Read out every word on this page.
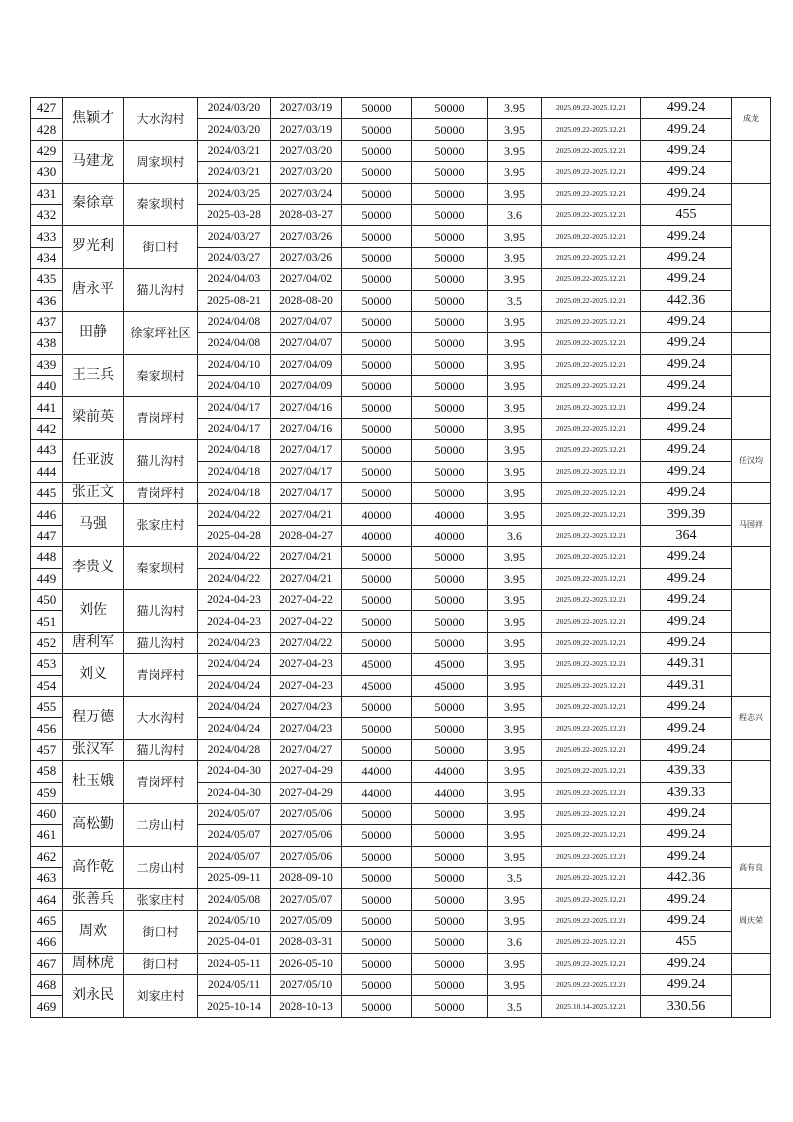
427	焦颖才	大水沟村	2024/03/20	2027/03/19	50000	50000	3.95	2025.09.22-2025.12.21	499.24	成龙
428			2024/03/20	2027/03/19	50000	50000	3.95	2025.09.22-2025.12.21	499.24	
429	马建龙	周家坝村	2024/03/21	2027/03/20	50000	50000	3.95	2025.09.22-2025.12.21	499.24	
430			2024/03/21	2027/03/20	50000	50000	3.95	2025.09.22-2025.12.21	499.24	
431	秦徐章	秦家坝村	2024/03/25	2027/03/24	50000	50000	3.95	2025.09.22-2025.12.21	499.24	
432			2025-03-28	2028-03-27	50000	50000	3.6	2025.09.22-2025.12.21	455	
433	罗光利	街口村	2024/03/27	2027/03/26	50000	50000	3.95	2025.09.22-2025.12.21	499.24	
434			2024/03/27	2027/03/26	50000	50000	3.95	2025.09.22-2025.12.21	499.24	
435	唐永平	猫儿沟村	2024/04/03	2027/04/02	50000	50000	3.95	2025.09.22-2025.12.21	499.24	
436			2025-08-21	2028-08-20	50000	50000	3.5	2025.09.22-2025.12.21	442.36	
437	田静	徐家坪社区	2024/04/08	2027/04/07	50000	50000	3.95	2025.09.22-2025.12.21	499.24	
438			2024/04/08	2027/04/07	50000	50000	3.95	2025.09.22-2025.12.21	499.24	
439	王三兵	秦家坝村	2024/04/10	2027/04/09	50000	50000	3.95	2025.09.22-2025.12.21	499.24	
440			2024/04/10	2027/04/09	50000	50000	3.95	2025.09.22-2025.12.21	499.24	
441	梁前英	青岗坪村	2024/04/17	2027/04/16	50000	50000	3.95	2025.09.22-2025.12.21	499.24	
442			2024/04/17	2027/04/16	50000	50000	3.95	2025.09.22-2025.12.21	499.24	
443	任亚波	猫儿沟村	2024/04/18	2027/04/17	50000	50000	3.95	2025.09.22-2025.12.21	499.24	任汉均
444			2024/04/18	2027/04/17	50000	50000	3.95	2025.09.22-2025.12.21	499.24	
445	张正文	青岗坪村	2024/04/18	2027/04/17	50000	50000	3.95	2025.09.22-2025.12.21	499.24	
446	马强	张家庄村	2024/04/22	2027/04/21	40000	40000	3.95	2025.09.22-2025.12.21	399.39	马国祥
447			2025-04-28	2028-04-27	40000	40000	3.6	2025.09.22-2025.12.21	364	
448	李贵义	秦家坝村	2024/04/22	2027/04/21	50000	50000	3.95	2025.09.22-2025.12.21	499.24	
449			2024/04/22	2027/04/21	50000	50000	3.95	2025.09.22-2025.12.21	499.24	
450	刘佐	猫儿沟村	2024-04-23	2027-04-22	50000	50000	3.95	2025.09.22-2025.12.21	499.24	
451			2024-04-23	2027-04-22	50000	50000	3.95	2025.09.22-2025.12.21	499.24	
452	唐利军	猫儿沟村	2024/04/23	2027/04/22	50000	50000	3.95	2025.09.22-2025.12.21	499.24	
453	刘义	青岗坪村	2024/04/24	2027-04-23	45000	45000	3.95	2025.09.22-2025.12.21	449.31	
454			2024/04/24	2027-04-23	45000	45000	3.95	2025.09.22-2025.12.21	449.31	
455	程万德	大水沟村	2024/04/24	2027/04/23	50000	50000	3.95	2025.09.22-2025.12.21	499.24	程志兴
456			2024/04/24	2027/04/23	50000	50000	3.95	2025.09.22-2025.12.21	499.24	
457	张汉军	猫儿沟村	2024/04/28	2027/04/27	50000	50000	3.95	2025.09.22-2025.12.21	499.24	
458	杜玉娥	青岗坪村	2024-04-30	2027-04-29	44000	44000	3.95	2025.09.22-2025.12.21	439.33	
459			2024-04-30	2027-04-29	44000	44000	3.95	2025.09.22-2025.12.21	439.33	
460	高松勤	二房山村	2024/05/07	2027/05/06	50000	50000	3.95	2025.09.22-2025.12.21	499.24	
461			2024/05/07	2027/05/06	50000	50000	3.95	2025.09.22-2025.12.21	499.24	
462	高作乾	二房山村	2024/05/07	2027/05/06	50000	50000	3.95	2025.09.22-2025.12.21	499.24	高有良
463			2025-09-11	2028-09-10	50000	50000	3.5	2025.09.22-2025.12.21	442.36	
464	张善兵	张家庄村	2024/05/08	2027/05/07	50000	50000	3.95	2025.09.22-2025.12.21	499.24	周庆荣
465	周欢	街口村	2024/05/10	2027/05/09	50000	50000	3.95	2025.09.22-2025.12.21	499.24	
466			2025-04-01	2028-03-31	50000	50000	3.6	2025.09.22-2025.12.21	455	
467	周林虎	街口村	2024-05-11	2026-05-10	50000	50000	3.95	2025.09.22-2025.12.21	499.24	
468	刘永民	刘家庄村	2024/05/11	2027/05/10	50000	50000	3.95	2025.09.22-2025.12.21	499.24	
469			2025-10-14	2028-10-13	50000	50000	3.5	2025.10.14-2025.12.21	330.56	
